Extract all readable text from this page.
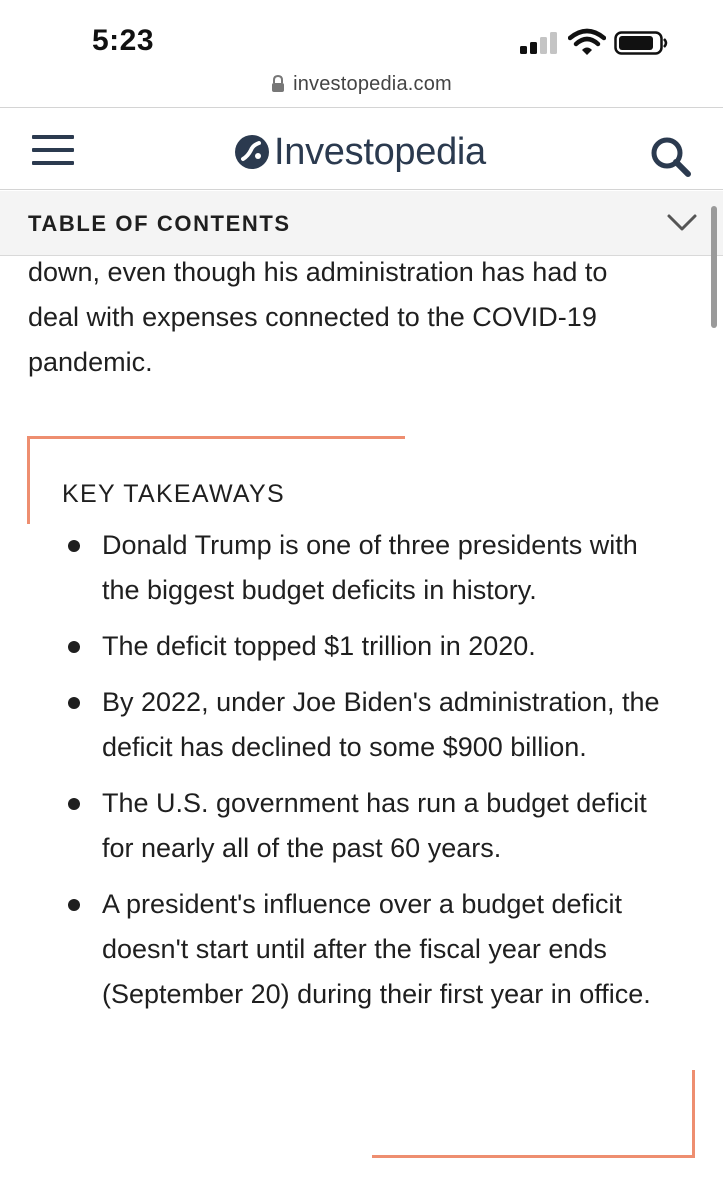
5:23
investopedia.com
Investopedia
TABLE OF CONTENTS
down, even though his administration has had to
deal with expenses connected to the COVID-19
pandemic.
KEY TAKEAWAYS
Donald Trump is one of three presidents with the biggest budget deficits in history.
The deficit topped $1 trillion in 2020.
By 2022, under Joe Biden's administration, the deficit has declined to some $900 billion.
The U.S. government has run a budget deficit for nearly all of the past 60 years.
A president's influence over a budget deficit doesn't start until after the fiscal year ends (September 20) during their first year in office.
